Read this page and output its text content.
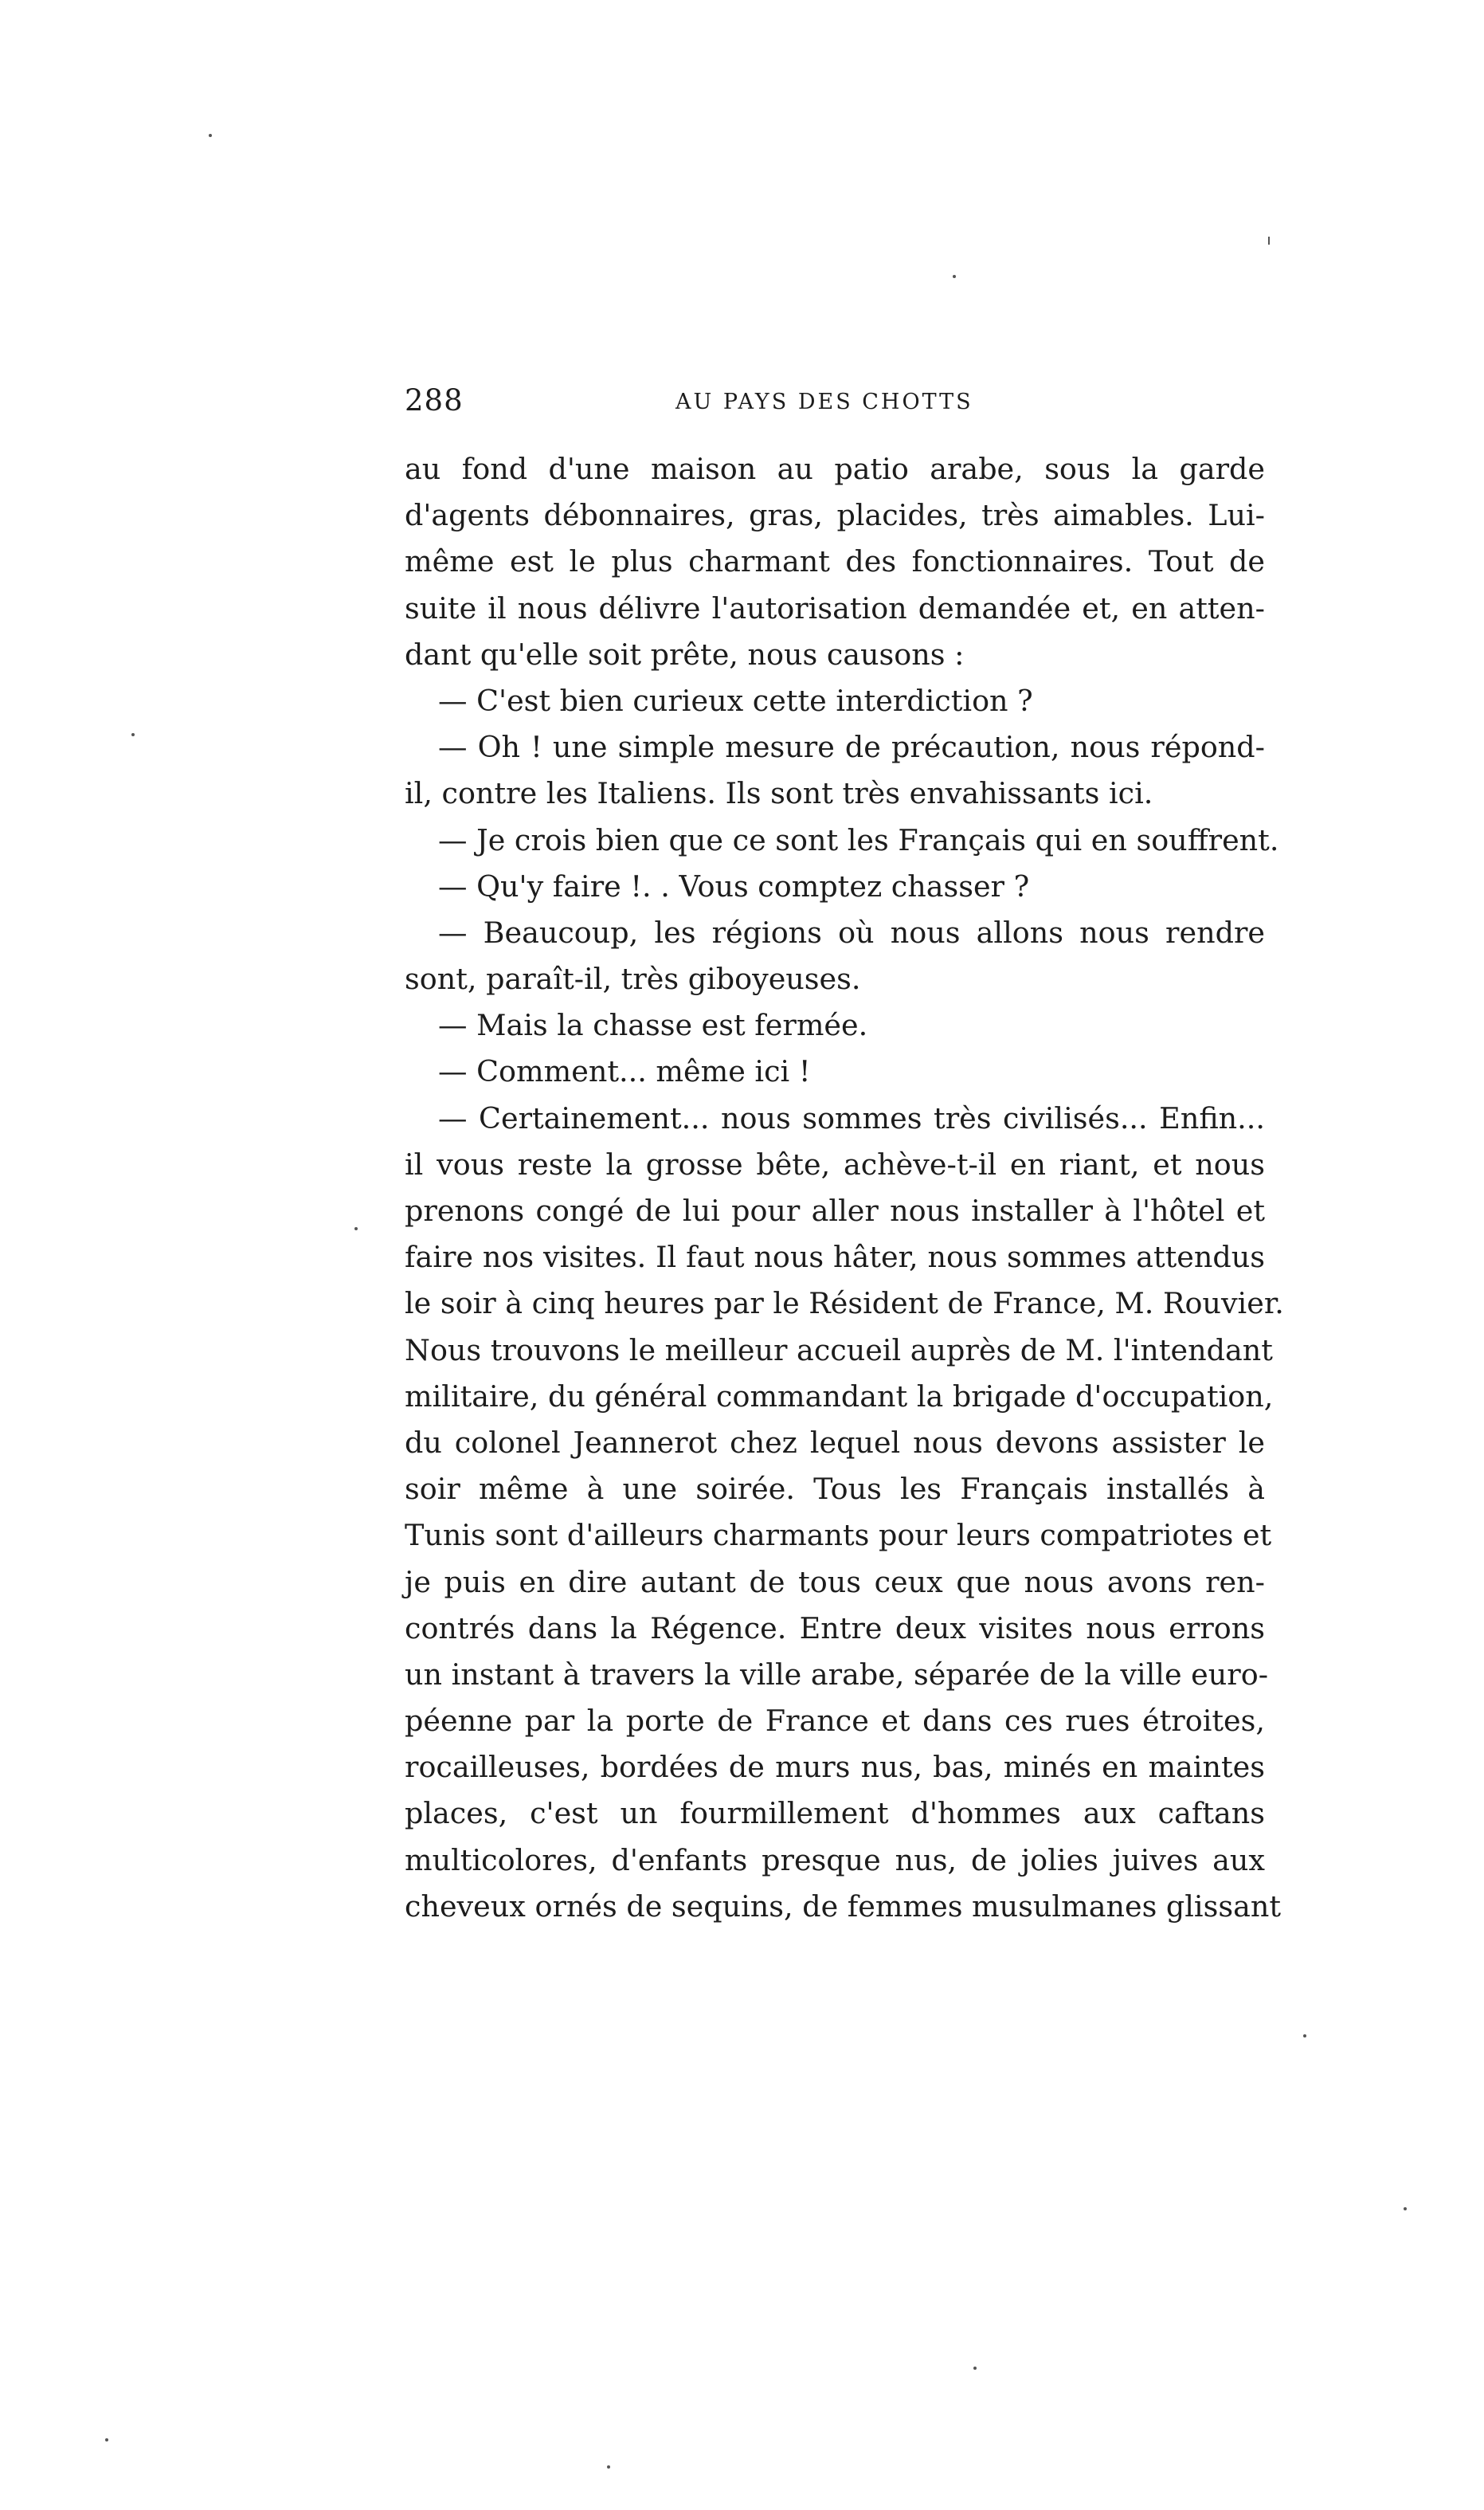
288	AU PAYS DES CHOTTS
au fond d'une maison au patio arabe, sous la garde
d'agents débonnaires, gras, placides, très aimables. Lui-
même est le plus charmant des fonctionnaires. Tout de
suite il nous délivre l'autorisation demandée et, en atten-
dant qu'elle soit prête, nous causons :
— C'est bien curieux cette interdiction ?
— Oh ! une simple mesure de précaution, nous répond-
il, contre les Italiens. Ils sont très envahissants ici.
— Je crois bien que ce sont les Français qui en souffrent.
— Qu'y faire !. . Vous comptez chasser ?
— Beaucoup, les régions où nous allons nous rendre
sont, paraît-il, très giboyeuses.
— Mais la chasse est fermée.
— Comment... même ici !
— Certainement... nous sommes très civilisés... Enfin...
il vous reste la grosse bête, achève-t-il en riant, et nous
prenons congé de lui pour aller nous installer à l'hôtel et
faire nos visites. Il faut nous hâter, nous sommes attendus
le soir à cinq heures par le Résident de France, M. Rouvier.
Nous trouvons le meilleur accueil auprès de M. l'intendant
militaire, du général commandant la brigade d'occupation,
du colonel Jeannerot chez lequel nous devons assister le
soir même à une soirée. Tous les Français installés à
Tunis sont d'ailleurs charmants pour leurs compatriotes et
je puis en dire autant de tous ceux que nous avons ren-
contrés dans la Régence. Entre deux visites nous errons
un instant à travers la ville arabe, séparée de la ville euro-
péenne par la porte de France et dans ces rues étroites,
rocailleuses, bordées de murs nus, bas, minés en maintes
places, c'est un fourmillement d'hommes aux caftans
multicolores, d'enfants presque nus, de jolies juives aux
cheveux ornés de sequins, de femmes musulmanes glissant
